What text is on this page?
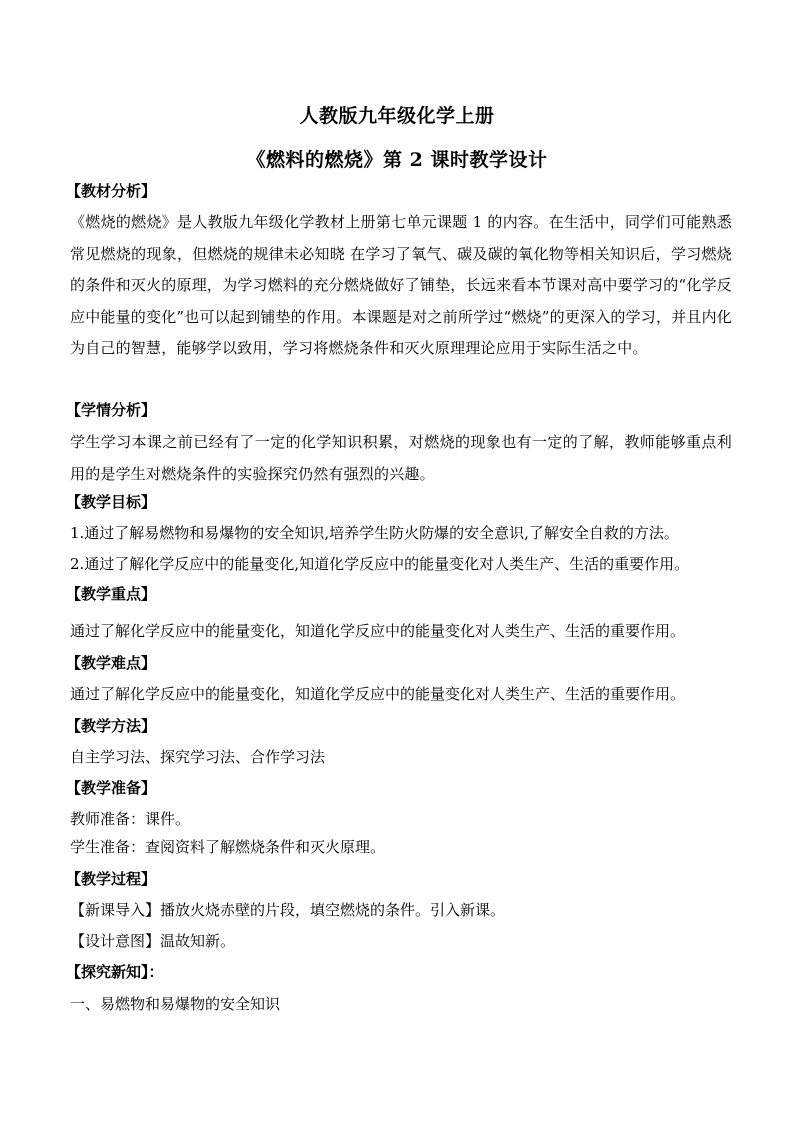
人教版九年级化学上册
《燃料的燃烧》第 2 课时教学设计
【教材分析】
《燃烧的燃烧》是人教版九年级化学教材上册第七单元课题 1 的内容。在生活中，同学们可能熟悉常见燃烧的现象，但燃烧的规律未必知晓 在学习了氧气、碳及碳的氧化物等相关知识后，学习燃烧的条件和灭火的原理，为学习燃料的充分燃烧做好了铺垫，长远来看本节课对高中要学习的“化学反应中能量的变化”也可以起到铺垫的作用。本课题是对之前所学过“燃烧”的更深入的学习，并且内化为自己的智慧，能够学以致用，学习将燃烧条件和灭火原理理论应用于实际生活之中。
【学情分析】
学生学习本课之前已经有了一定的化学知识积累，对燃烧的现象也有一定的了解，教师能够重点利用的是学生对燃烧条件的实验探究仍然有强烈的兴趣。
【教学目标】
1.通过了解易燃物和易爆物的安全知识,培养学生防火防爆的安全意识,了解安全自救的方法。
2.通过了解化学反应中的能量变化,知道化学反应中的能量变化对人类生产、生活的重要作用。
【教学重点】
通过了解化学反应中的能量变化，知道化学反应中的能量变化对人类生产、生活的重要作用。
【教学难点】
通过了解化学反应中的能量变化，知道化学反应中的能量变化对人类生产、生活的重要作用。
【教学方法】
自主学习法、探究学习法、合作学习法
【教学准备】
教师准备：课件。
学生准备：查阅资料了解燃烧条件和灭火原理。
【教学过程】
【新课导入】播放火烧赤壁的片段，填空燃烧的条件。引入新课。
【设计意图】温故知新。
【探究新知】：
一、易燃物和易爆物的安全知识
